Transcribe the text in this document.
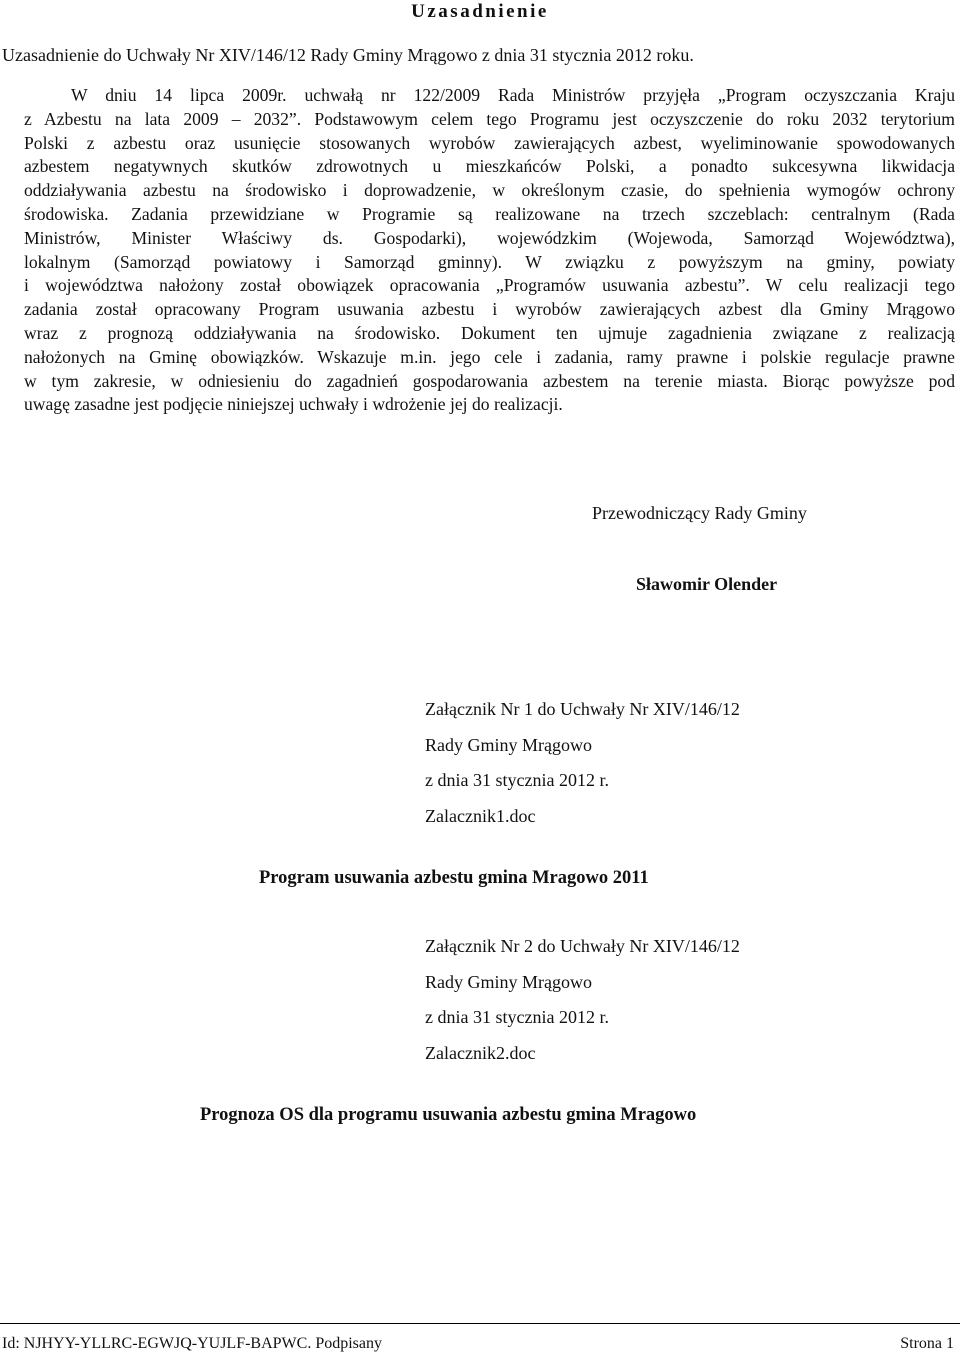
Uzasadnienie
Uzasadnienie do Uchwały Nr XIV/146/12 Rady Gminy Mrągowo z dnia 31 stycznia 2012 roku.
W dniu 14 lipca 2009r. uchwałą nr 122/2009 Rada Ministrów przyjęła „Program oczyszczania Kraju
z Azbestu na lata 2009 – 2032”. Podstawowym celem tego Programu jest oczyszczenie do roku 2032 terytorium
Polski z azbestu oraz usunięcie stosowanych wyrobów zawierających azbest, wyeliminowanie spowodowanych
azbestem negatywnych skutków zdrowotnych u mieszkańców Polski, a ponadto sukcesywna likwidacja
oddziaływania azbestu na środowisko i doprowadzenie, w określonym czasie, do spełnienia wymogów ochrony
środowiska. Zadania przewidziane w Programie są realizowane na trzech szczeblach: centralnym (Rada
Ministrów, Minister Właściwy ds. Gospodarki), wojewódzkim (Wojewoda, Samorząd Województwa),
lokalnym (Samorząd powiatowy i Samorząd gminny). W związku z powyższym na gminy, powiaty
i województwa nałożony został obowiązek opracowania „Programów usuwania azbestu”. W celu realizacji tego
zadania został opracowany Program usuwania azbestu i wyrobów zawierających azbest dla Gminy Mrągowo
wraz z prognozą oddziaływania na środowisko. Dokument ten ujmuje zagadnienia związane z realizacją
nałożonych na Gminę obowiązków. Wskazuje m.in. jego cele i zadania, ramy prawne i polskie regulacje prawne
w tym zakresie, w odniesieniu do zagadnień gospodarowania azbestem na terenie miasta. Biorąc powyższe pod
uwagę zasadne jest podjęcie niniejszej uchwały i wdrożenie jej do realizacji.
Przewodniczący Rady Gminy
Sławomir Olender
Załącznik Nr 1 do Uchwały Nr XIV/146/12
Rady Gminy Mrągowo
z dnia 31 stycznia 2012 r.
Zalacznik1.doc
Program usuwania azbestu gmina Mragowo 2011
Załącznik Nr 2 do Uchwały Nr XIV/146/12
Rady Gminy Mrągowo
z dnia 31 stycznia 2012 r.
Zalacznik2.doc
Prognoza OS dla programu usuwania azbestu gmina Mragowo
Id: NJHYY-YLLRC-EGWJQ-YUJLF-BAPWC. Podpisany	Strona 1
